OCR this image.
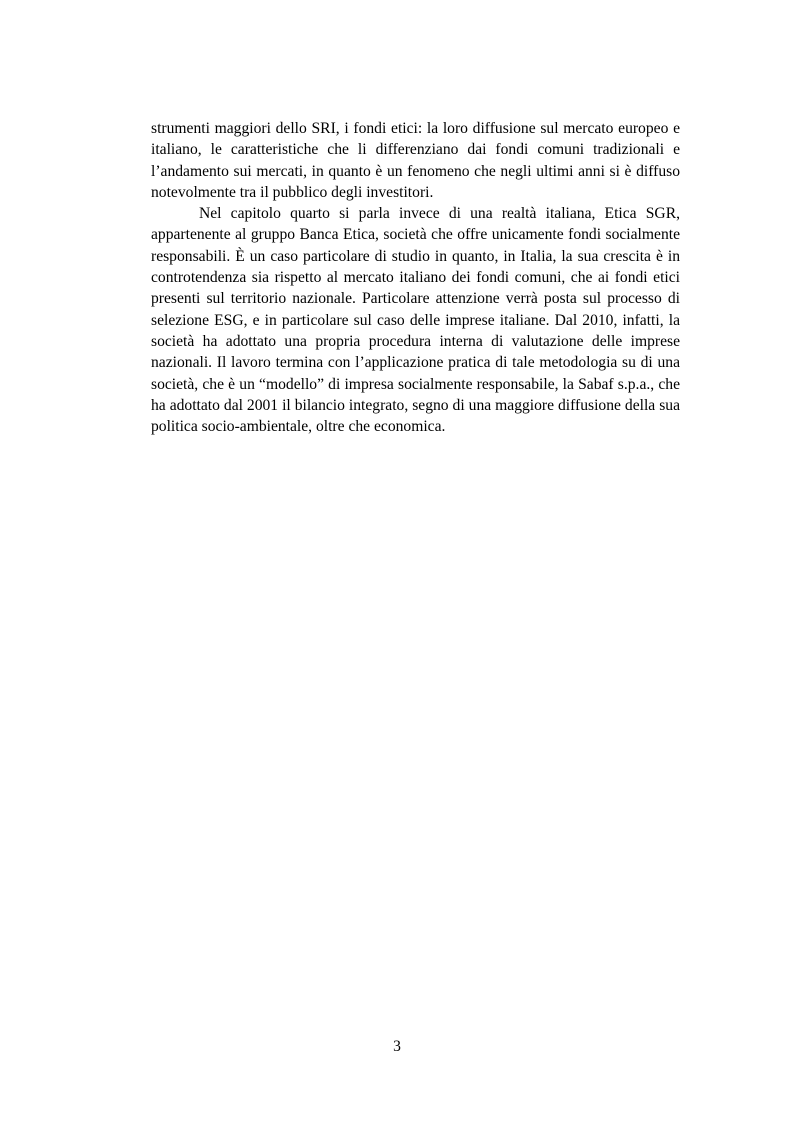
strumenti maggiori dello SRI, i fondi etici: la loro diffusione sul mercato europeo e italiano, le caratteristiche che li differenziano dai fondi comuni tradizionali e l’andamento sui mercati, in quanto è un fenomeno che negli ultimi anni si è diffuso notevolmente tra il pubblico degli investitori.

Nel capitolo quarto si parla invece di una realtà italiana, Etica SGR, appartenente al gruppo Banca Etica, società che offre unicamente fondi socialmente responsabili. È un caso particolare di studio in quanto, in Italia, la sua crescita è in controtendenza sia rispetto al mercato italiano dei fondi comuni, che ai fondi etici presenti sul territorio nazionale. Particolare attenzione verrà posta sul processo di selezione ESG, e in particolare sul caso delle imprese italiane. Dal 2010, infatti, la società ha adottato una propria procedura interna di valutazione delle imprese nazionali. Il lavoro termina con l’applicazione pratica di tale metodologia su di una società, che è un “modello” di impresa socialmente responsabile, la Sabaf s.p.a., che ha adottato dal 2001 il bilancio integrato, segno di una maggiore diffusione della sua politica socio-ambientale, oltre che economica.

3
